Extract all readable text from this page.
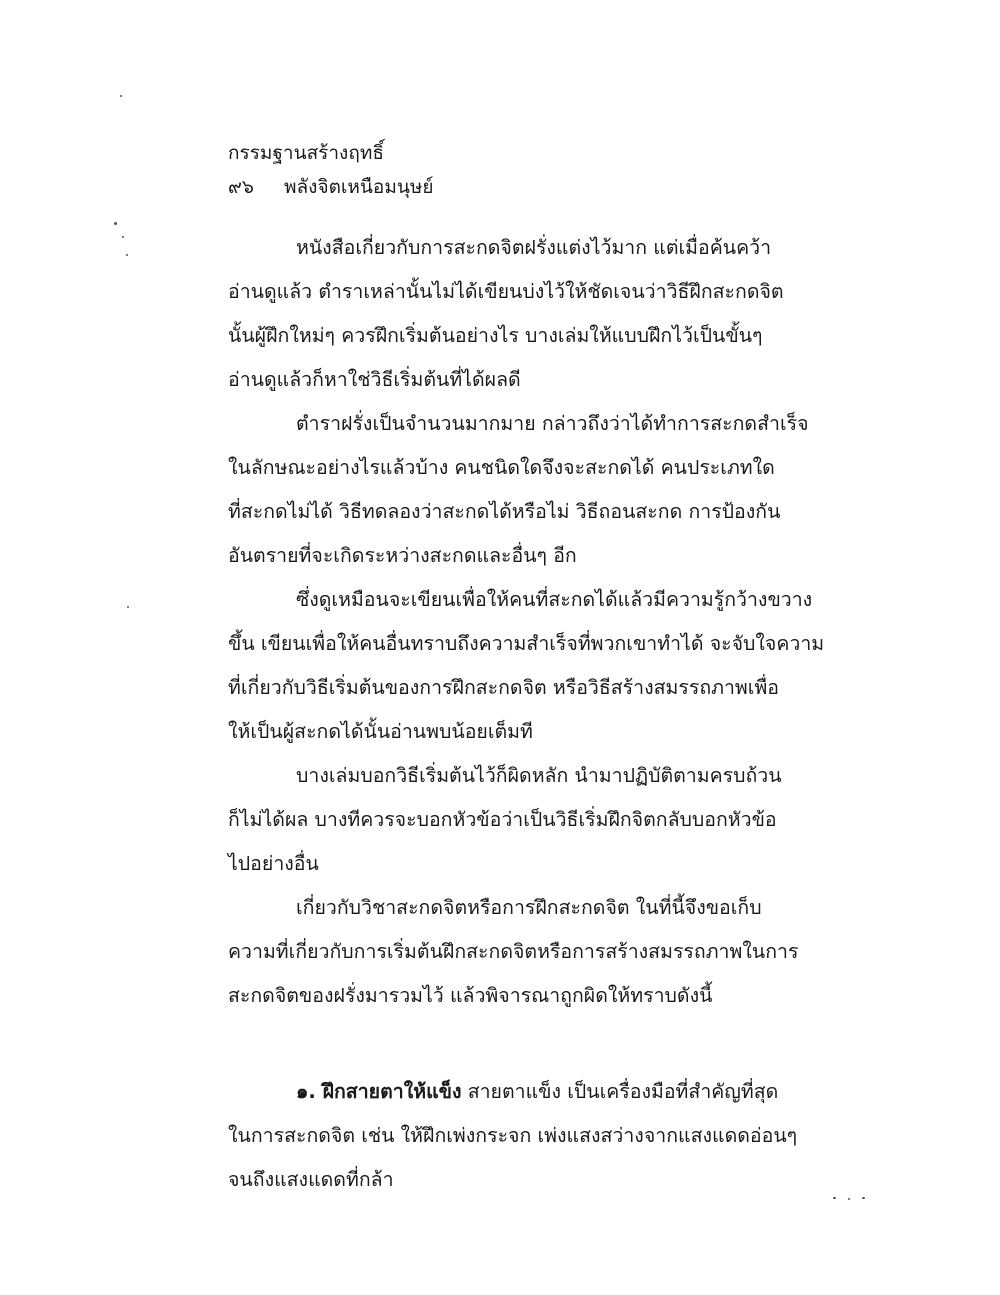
กรรมฐานสร้างฤทธิ์
๙๖	พลังจิตเหนือมนุษย์
หนังสือเกี่ยวกับการสะกดจิตฝรั่งแต่งไว้มาก แต่เมื่อค้นคว้า
อ่านดูแล้ว ตำราเหล่านั้นไม่ได้เขียนบ่งไว้ให้ชัดเจนว่าวิธีฝึกสะกดจิต
นั้นผู้ฝึกใหม่ๆ ควรฝึกเริ่มต้นอย่างไร บางเล่มให้แบบฝึกไว้เป็นขั้นๆ
อ่านดูแล้วก็หาใช่วิธีเริ่มต้นที่ได้ผลดี
ตำราฝรั่งเป็นจำนวนมากมาย กล่าวถึงว่าได้ทำการสะกดสำเร็จ
ในลักษณะอย่างไรแล้วบ้าง คนชนิดใดจึงจะสะกดได้ คนประเภทใด
ที่สะกดไม่ได้ วิธีทดลองว่าสะกดได้หรือไม่ วิธีถอนสะกด การป้องกัน
อันตรายที่จะเกิดระหว่างสะกดและอื่นๆ อีก
ซึ่งดูเหมือนจะเขียนเพื่อให้คนที่สะกดได้แล้วมีความรู้กว้างขวาง
ขึ้น เขียนเพื่อให้คนอื่นทราบถึงความสำเร็จที่พวกเขาทำได้ จะจับใจความ
ที่เกี่ยวกับวิธีเริ่มต้นของการฝึกสะกดจิต หรือวิธีสร้างสมรรถภาพเพื่อ
ให้เป็นผู้สะกดได้นั้นอ่านพบน้อยเต็มที
บางเล่มบอกวิธีเริ่มต้นไว้ก็ผิดหลัก นำมาปฏิบัติตามครบถ้วน
ก็ไม่ได้ผล บางทีควรจะบอกหัวข้อว่าเป็นวิธีเริ่มฝึกจิตกลับบอกหัวข้อ
ไปอย่างอื่น
เกี่ยวกับวิชาสะกดจิตหรือการฝึกสะกดจิต ในที่นี้จึงขอเก็บ
ความที่เกี่ยวกับการเริ่มต้นฝึกสะกดจิตหรือการสร้างสมรรถภาพในการ
สะกดจิตของฝรั่งมารวมไว้ แล้วพิจารณาถูกผิดให้ทราบดังนี้
๑. ฝึกสายตาให้แข็ง สายตาแข็ง เป็นเครื่องมือที่สำคัญที่สุด
ในการสะกดจิต เช่น ให้ฝึกเพ่งกระจก เพ่งแสงสว่างจากแสงแดดอ่อนๆ
จนถึงแสงแดดที่กล้า
